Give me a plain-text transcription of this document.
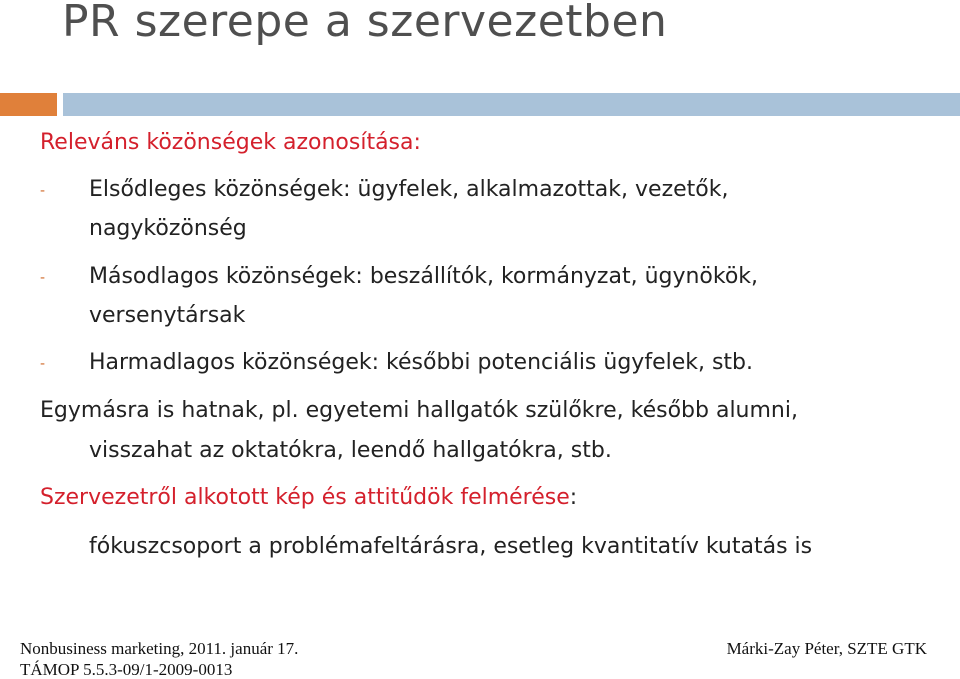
PR szerepe a szervezetben
Releváns közönségek azonosítása:
- Elsődleges közönségek: ügyfelek, alkalmazottak, vezetők,
nagyközönség
- Másodlagos közönségek: beszállítók, kormányzat, ügynökök,
versenytársak
- Harmadlagos közönségek: későbbi potenciális ügyfelek, stb.
Egymásra is hatnak, pl. egyetemi hallgatók szülőkre, később alumni,
visszahat az oktatókra, leendő hallgatókra, stb.
Szervezetről alkotott kép és attitűdök felmérése:
fókuszcsoport a problémafeltárásra, esetleg kvantitatív kutatás is
Nonbusiness marketing, 2011. január 17.
TÁMOP 5.5.3-09/1-2009-0013
Márki-Zay Péter, SZTE GTK
